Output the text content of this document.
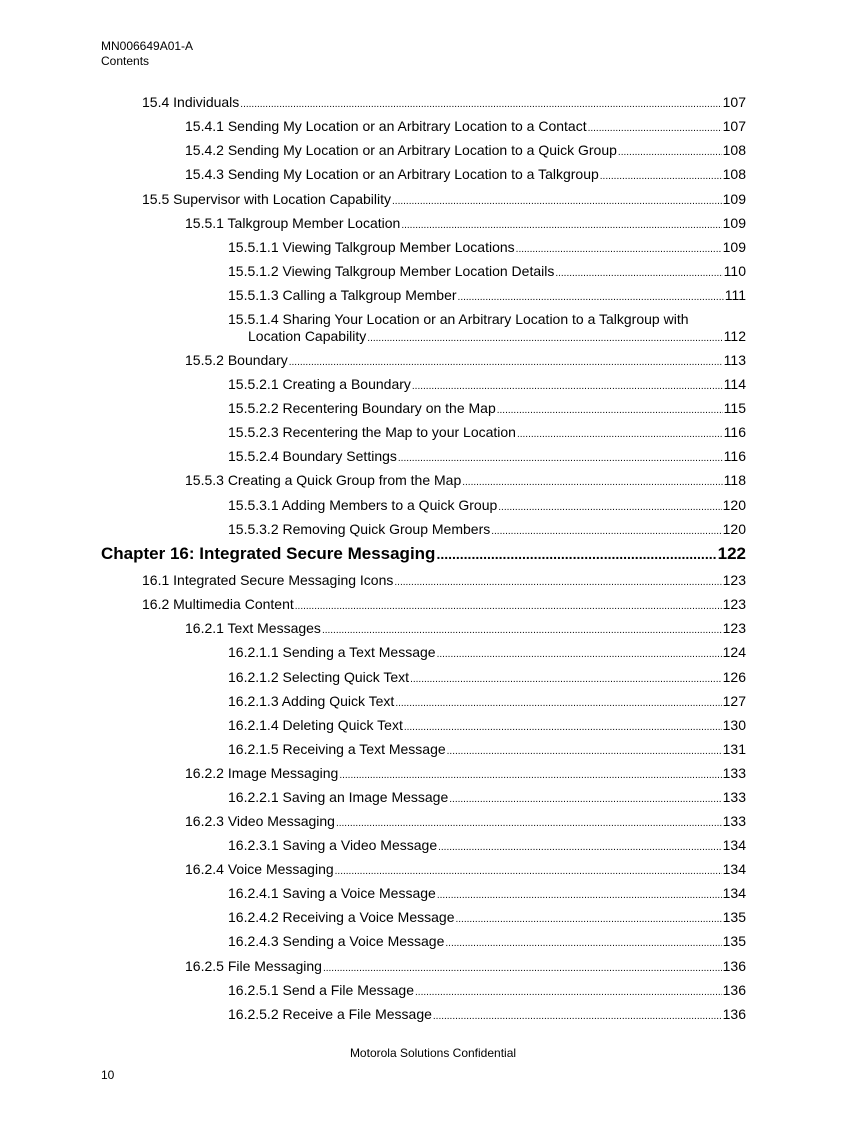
MN006649A01-A
Contents
15.4 Individuals .....	107
15.4.1 Sending My Location or an Arbitrary Location to a Contact .....	107
15.4.2 Sending My Location or an Arbitrary Location to a Quick Group .....	108
15.4.3 Sending My Location or an Arbitrary Location to a Talkgroup .....	108
15.5 Supervisor with Location Capability .....	109
15.5.1 Talkgroup Member Location .....	109
15.5.1.1 Viewing Talkgroup Member Locations .....	109
15.5.1.2 Viewing Talkgroup Member Location Details .....	110
15.5.1.3 Calling a Talkgroup Member .....	111
15.5.1.4 Sharing Your Location or an Arbitrary Location to a Talkgroup with
Location Capability .....	112
15.5.2 Boundary .....	113
15.5.2.1 Creating a Boundary .....	114
15.5.2.2 Recentering Boundary on the Map .....	115
15.5.2.3 Recentering the Map to your Location .....	116
15.5.2.4 Boundary Settings .....	116
15.5.3 Creating a Quick Group from the Map .....	118
15.5.3.1 Adding Members to a Quick Group .....	120
15.5.3.2 Removing Quick Group Members .....	120
Chapter 16: Integrated Secure Messaging .....	122
16.1 Integrated Secure Messaging Icons .....	123
16.2 Multimedia Content .....	123
16.2.1 Text Messages .....	123
16.2.1.1 Sending a Text Message .....	124
16.2.1.2 Selecting Quick Text .....	126
16.2.1.3 Adding Quick Text .....	127
16.2.1.4 Deleting Quick Text .....	130
16.2.1.5 Receiving a Text Message .....	131
16.2.2 Image Messaging .....	133
16.2.2.1 Saving an Image Message .....	133
16.2.3 Video Messaging .....	133
16.2.3.1 Saving a Video Message .....	134
16.2.4 Voice Messaging .....	134
16.2.4.1 Saving a Voice Message .....	134
16.2.4.2 Receiving a Voice Message .....	135
16.2.4.3 Sending a Voice Message .....	135
16.2.5 File Messaging .....	136
16.2.5.1 Send a File Message .....	136
16.2.5.2 Receive a File Message .....	136
Motorola Solutions Confidential
10
